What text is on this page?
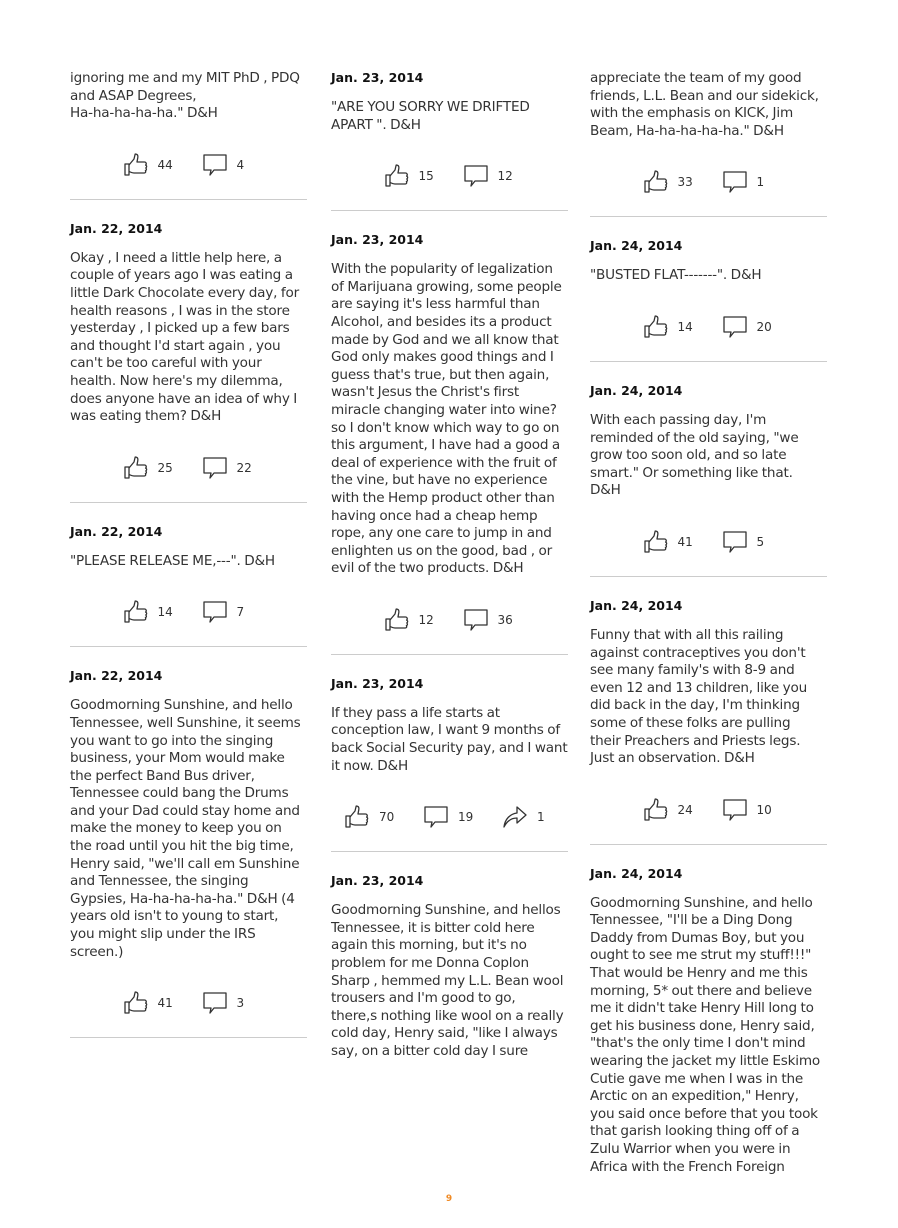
ignoring me and my MIT PhD , PDQ
and ASAP Degrees,
Ha-ha-ha-ha-ha." D&H

44	4
Jan. 22, 2014

Okay , I need a little help here, a
couple of years ago I was eating a
little Dark Chocolate every day, for
health reasons , I was in the store
yesterday , I picked up a few bars
and thought I'd start again , you
can't be too careful with your
health. Now here's my dilemma,
does anyone have an idea of why I
was eating them? D&H

25	22
Jan. 22, 2014

"PLEASE RELEASE ME,---". D&H

14	7
Jan. 22, 2014

Goodmorning Sunshine, and hello
Tennessee, well Sunshine, it seems
you want to go into the singing
business, your Mom would make
the perfect Band Bus driver,
Tennessee could bang the Drums
and your Dad could stay home and
make the money to keep you on
the road until you hit the big time,
Henry said, "we'll call em Sunshine
and Tennessee, the singing
Gypsies, Ha-ha-ha-ha-ha." D&H (4
years old isn't to young to start,
you might slip under the IRS
screen.)

41	3
Jan. 23, 2014

"ARE YOU SORRY WE DRIFTED
APART ". D&H

15	12
Jan. 23, 2014

With the popularity of legalization
of Marijuana growing, some people
are saying it's less harmful than
Alcohol, and besides its a product
made by God and we all know that
God only makes good things and I
guess that's true, but then again,
wasn't Jesus the Christ's first
miracle changing water into wine?
so I don't know which way to go on
this argument, I have had a good a
deal of experience with the fruit of
the vine, but have no experience
with the Hemp product other than
having once had a cheap hemp
rope, any one care to jump in and
enlighten us on the good, bad , or
evil of the two products. D&H

12	36
Jan. 23, 2014

If they pass a life starts at
conception law, I want 9 months of
back Social Security pay, and I want
it now. D&H

70	19	1
Jan. 23, 2014

Goodmorning Sunshine, and hellos
Tennessee, it is bitter cold here
again this morning, but it's no
problem for me Donna Coplon
Sharp , hemmed my L.L. Bean wool
trousers and I'm good to go,
there,s nothing like wool on a really
cold day, Henry said, "like I always
say, on a bitter cold day I sure

appreciate the team of my good
friends, L.L. Bean and our sidekick,
with the emphasis on KICK, Jim
Beam, Ha-ha-ha-ha-ha." D&H

33	1
Jan. 24, 2014

"BUSTED FLAT-------". D&H

14	20
Jan. 24, 2014

With each passing day, I'm
reminded of the old saying, "we
grow too soon old, and so late
smart." Or something like that.
D&H

41	5
Jan. 24, 2014

Funny that with all this railing
against contraceptives you don't
see many family's with 8-9 and
even 12 and 13 children, like you
did back in the day, I'm thinking
some of these folks are pulling
their Preachers and Priests legs.
Just an observation. D&H

24	10
Jan. 24, 2014

Goodmorning Sunshine, and hello
Tennessee, "I'll be a Ding Dong
Daddy from Dumas Boy, but you
ought to see me strut my stuff!!!"
That would be Henry and me this
morning, 5* out there and believe
me it didn't take Henry Hill long to
get his business done, Henry said,
"that's the only time I don't mind
wearing the jacket my little Eskimo
Cutie gave me when I was in the
Arctic on an expedition," Henry,
you said once before that you took
that garish looking thing off of a
Zulu Warrior when you were in
Africa with the French Foreign

9
